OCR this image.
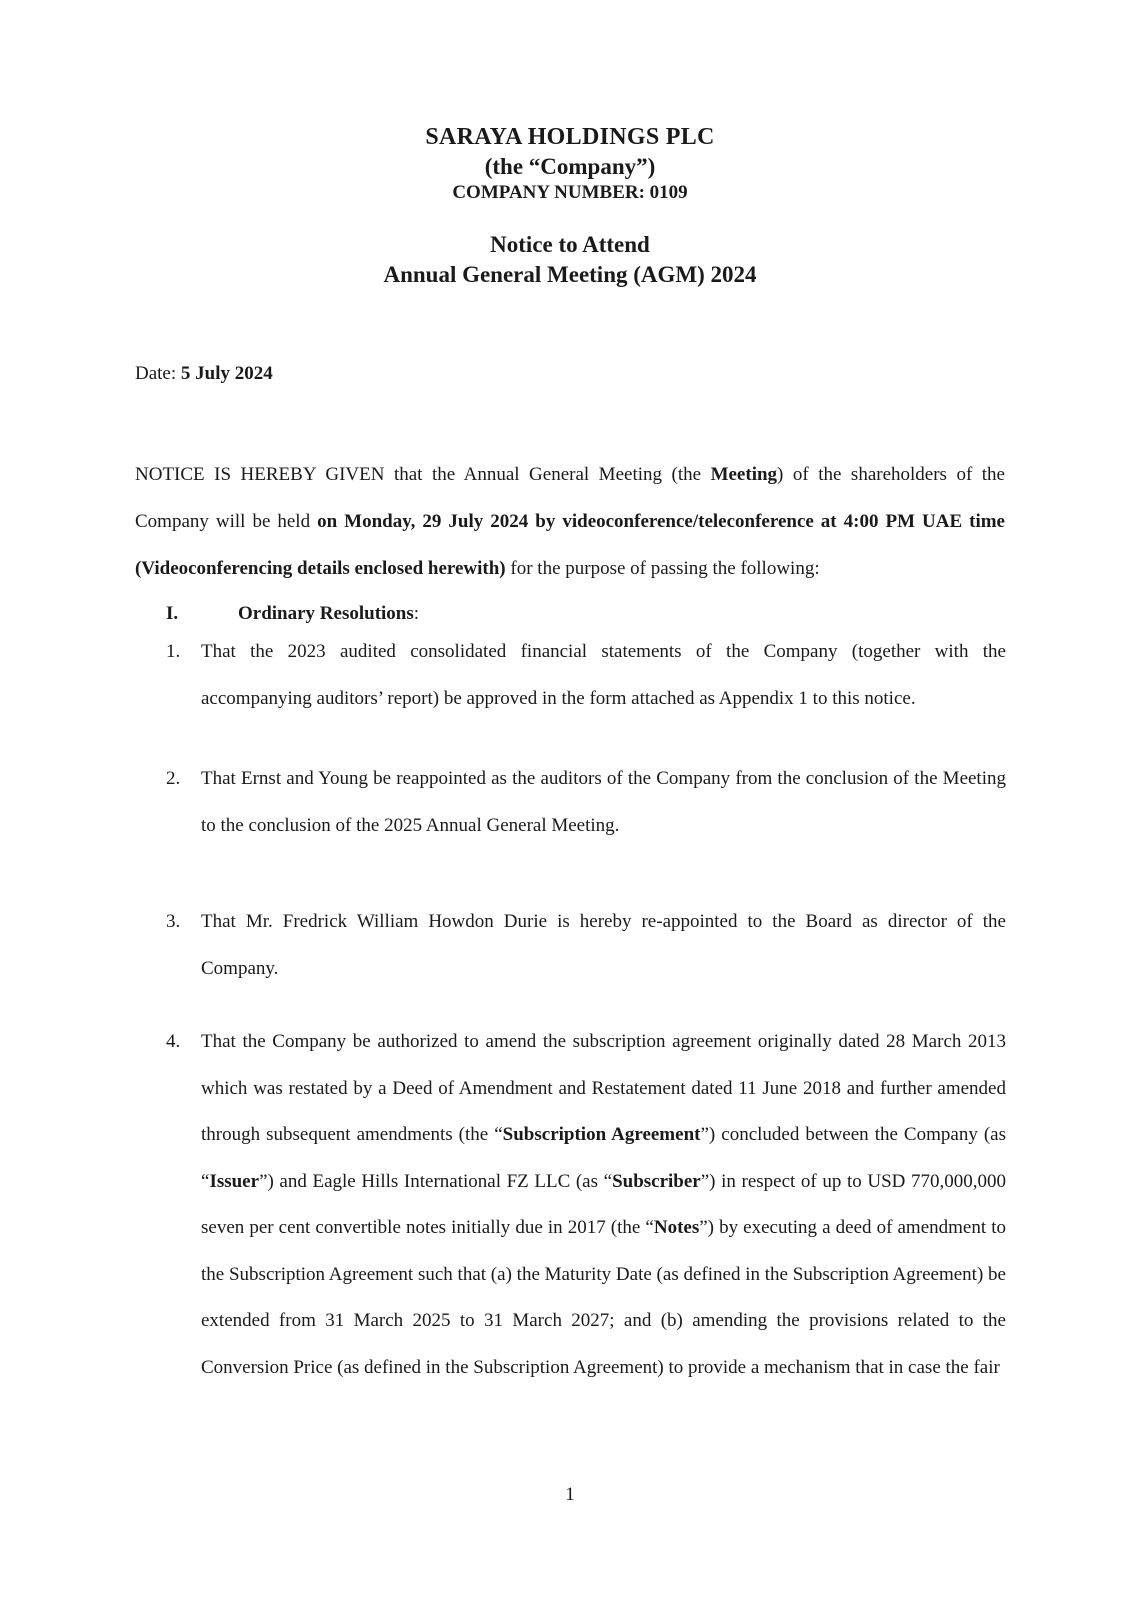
SARAYA HOLDINGS PLC
(the “Company”)
COMPANY NUMBER: 0109
Notice to Attend
Annual General Meeting (AGM) 2024
Date: 5 July 2024
NOTICE IS HEREBY GIVEN that the Annual General Meeting (the Meeting) of the shareholders of the Company will be held on Monday, 29 July 2024 by videoconference/teleconference at 4:00 PM UAE time (Videoconferencing details enclosed herewith) for the purpose of passing the following:
I.	Ordinary Resolutions:
1.	That the 2023 audited consolidated financial statements of the Company (together with the accompanying auditors’ report) be approved in the form attached as Appendix 1 to this notice.
2.	That Ernst and Young be reappointed as the auditors of the Company from the conclusion of the Meeting to the conclusion of the 2025 Annual General Meeting.
3.	That Mr. Fredrick William Howdon Durie is hereby re-appointed to the Board as director of the Company.
4.	That the Company be authorized to amend the subscription agreement originally dated 28 March 2013 which was restated by a Deed of Amendment and Restatement dated 11 June 2018 and further amended through subsequent amendments (the “Subscription Agreement”) concluded between the Company (as “Issuer”) and Eagle Hills International FZ LLC (as “Subscriber”) in respect of up to USD 770,000,000 seven per cent convertible notes initially due in 2017 (the “Notes”) by executing a deed of amendment to the Subscription Agreement such that (a) the Maturity Date (as defined in the Subscription Agreement) be extended from 31 March 2025 to 31 March 2027; and (b) amending the provisions related to the Conversion Price (as defined in the Subscription Agreement) to provide a mechanism that in case the fair
1
